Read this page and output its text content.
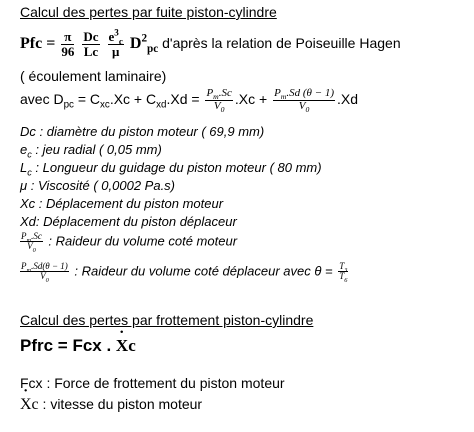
Calcul des pertes par fuite piston-cylindre
Pfc = $\frac{\pi}{96}$
$\frac{Dc}{Lc}$
$\frac{e^3_c}{\mu} D^2_{pc}$ d'après la relation de Poiseuille Hagen
( écoulement laminaire)
avec $D_{pc} = C_{xc}.Xc + C_{xd}.Xd = \frac{P_m.Sc}{V_0} .Xc + \frac{P_m.Sd (\theta - 1)}{V_0} .Xd$
Dc : diamètre du piston moteur ( 69,9 mm)
$e_c$ : jeu radial ( 0,05 mm)
$L_c$ : Longueur du guidage du piston moteur ( 80 mm)
μ : Viscosité ( 0,0002 Pa.s)
Xc : Déplacement du piston moteur
Xd: Déplacement du piston déplaceur
$\frac{P_m.Sc}{V_0}$ : Raideur du volume coté moteur
$\frac{P_m.Sd(\theta - 1)}{V_0}$ : Raideur du volume coté déplaceur avec $\theta = \frac{T_3}{T_6}$
Calcul des pertes par frottement piston-cylindre
Pfrc = Fcx . ˙ Xc
Fcx : Force de frottement du piston moteur
˙ Xc : vitesse du piston moteur
